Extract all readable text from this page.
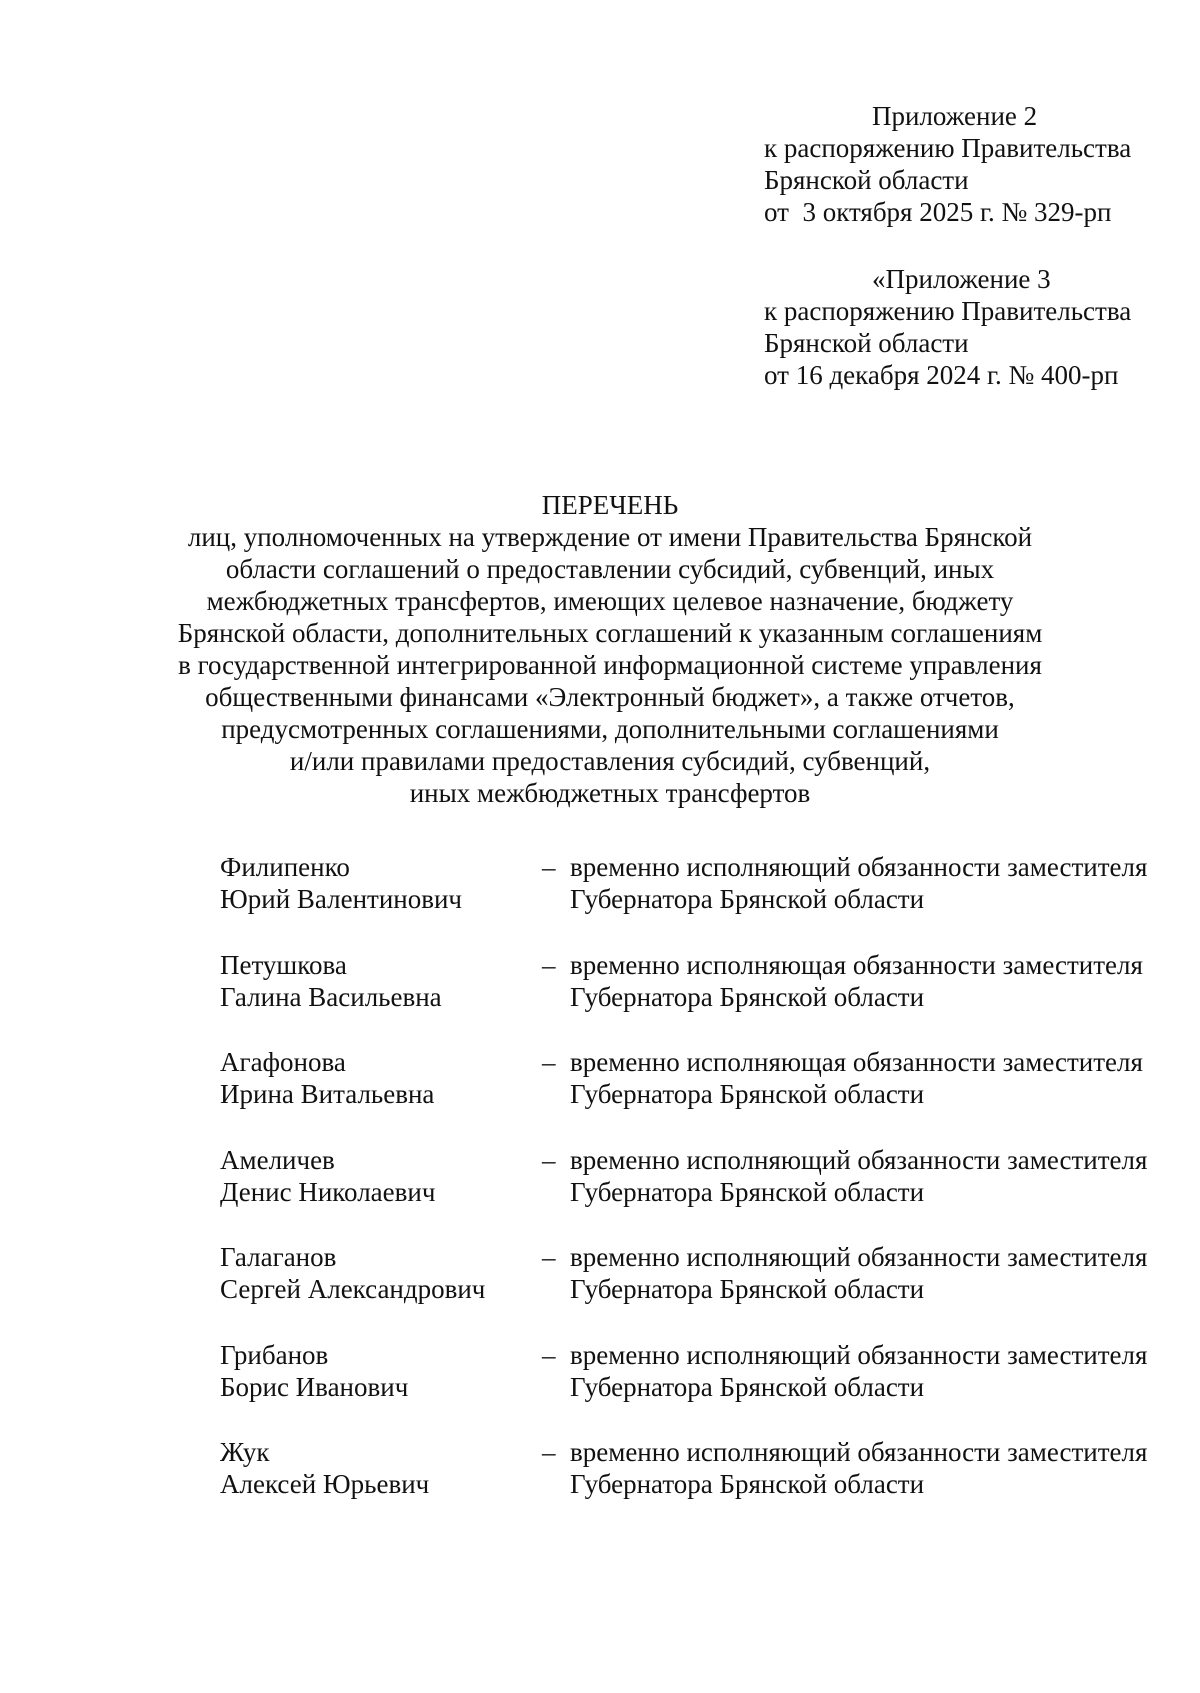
Приложение 2
к распоряжению Правительства
Брянской области
от  3 октября 2025 г. № 329-рп
«Приложение 3
к распоряжению Правительства
Брянской области
от 16 декабря 2024 г. № 400-рп
ПЕРЕЧЕНЬ
лиц, уполномоченных на утверждение от имени Правительства Брянской
области соглашений о предоставлении субсидий, субвенций, иных
межбюджетных трансфертов, имеющих целевое назначение, бюджету
Брянской области, дополнительных соглашений к указанным соглашениям
в государственной интегрированной информационной системе управления
общественными финансами «Электронный бюджет», а также отчетов,
предусмотренных соглашениями, дополнительными соглашениями
и/или правилами предоставления субсидий, субвенций,
иных межбюджетных трансфертов
Филипенко
Юрий Валентинович
– временно исполняющий обязанности заместителя
Губернатора Брянской области
Петушкова
Галина Васильевна
– временно исполняющая обязанности заместителя
Губернатора Брянской области
Агафонова
Ирина Витальевна
– временно исполняющая обязанности заместителя
Губернатора Брянской области
Амеличев
Денис Николаевич
– временно исполняющий обязанности заместителя
Губернатора Брянской области
Галаганов
Сергей Александрович
– временно исполняющий обязанности заместителя
Губернатора Брянской области
Грибанов
Борис Иванович
– временно исполняющий обязанности заместителя
Губернатора Брянской области
Жук
Алексей Юрьевич
– временно исполняющий обязанности заместителя
Губернатора Брянской области
